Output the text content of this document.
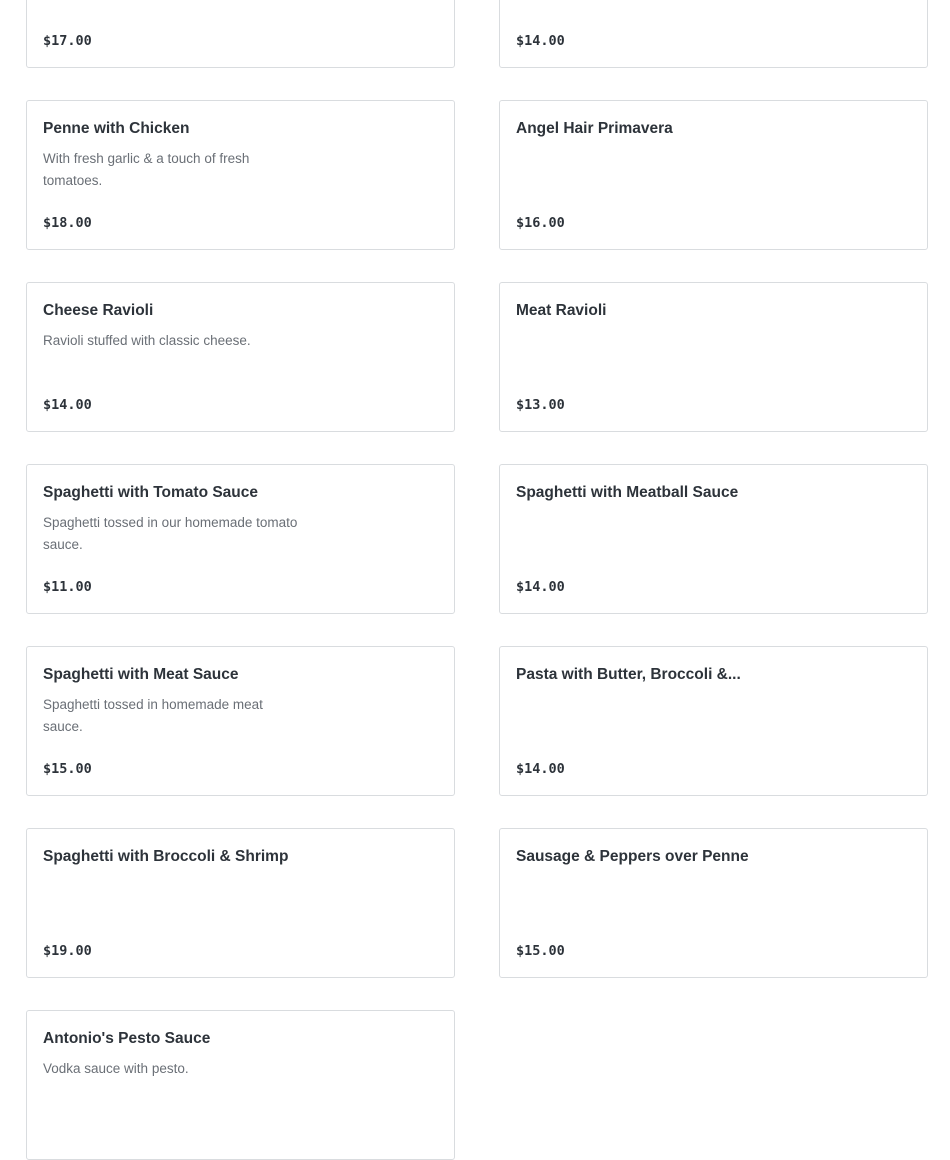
$17.00	$14.00
Penne with Chicken
With fresh garlic & a touch of fresh tomatoes.
$18.00
Angel Hair Primavera
$16.00
Cheese Ravioli
Ravioli stuffed with classic cheese.
$14.00
Meat Ravioli
$13.00
Spaghetti with Tomato Sauce
Spaghetti tossed in our homemade tomato sauce.
$11.00
Spaghetti with Meatball Sauce
$14.00
Spaghetti with Meat Sauce
Spaghetti tossed in homemade meat sauce.
$15.00
Pasta with Butter, Broccoli &...
$14.00
Spaghetti with Broccoli & Shrimp
$19.00
Sausage & Peppers over Penne
$15.00
Antonio's Pesto Sauce
Vodka sauce with pesto.
